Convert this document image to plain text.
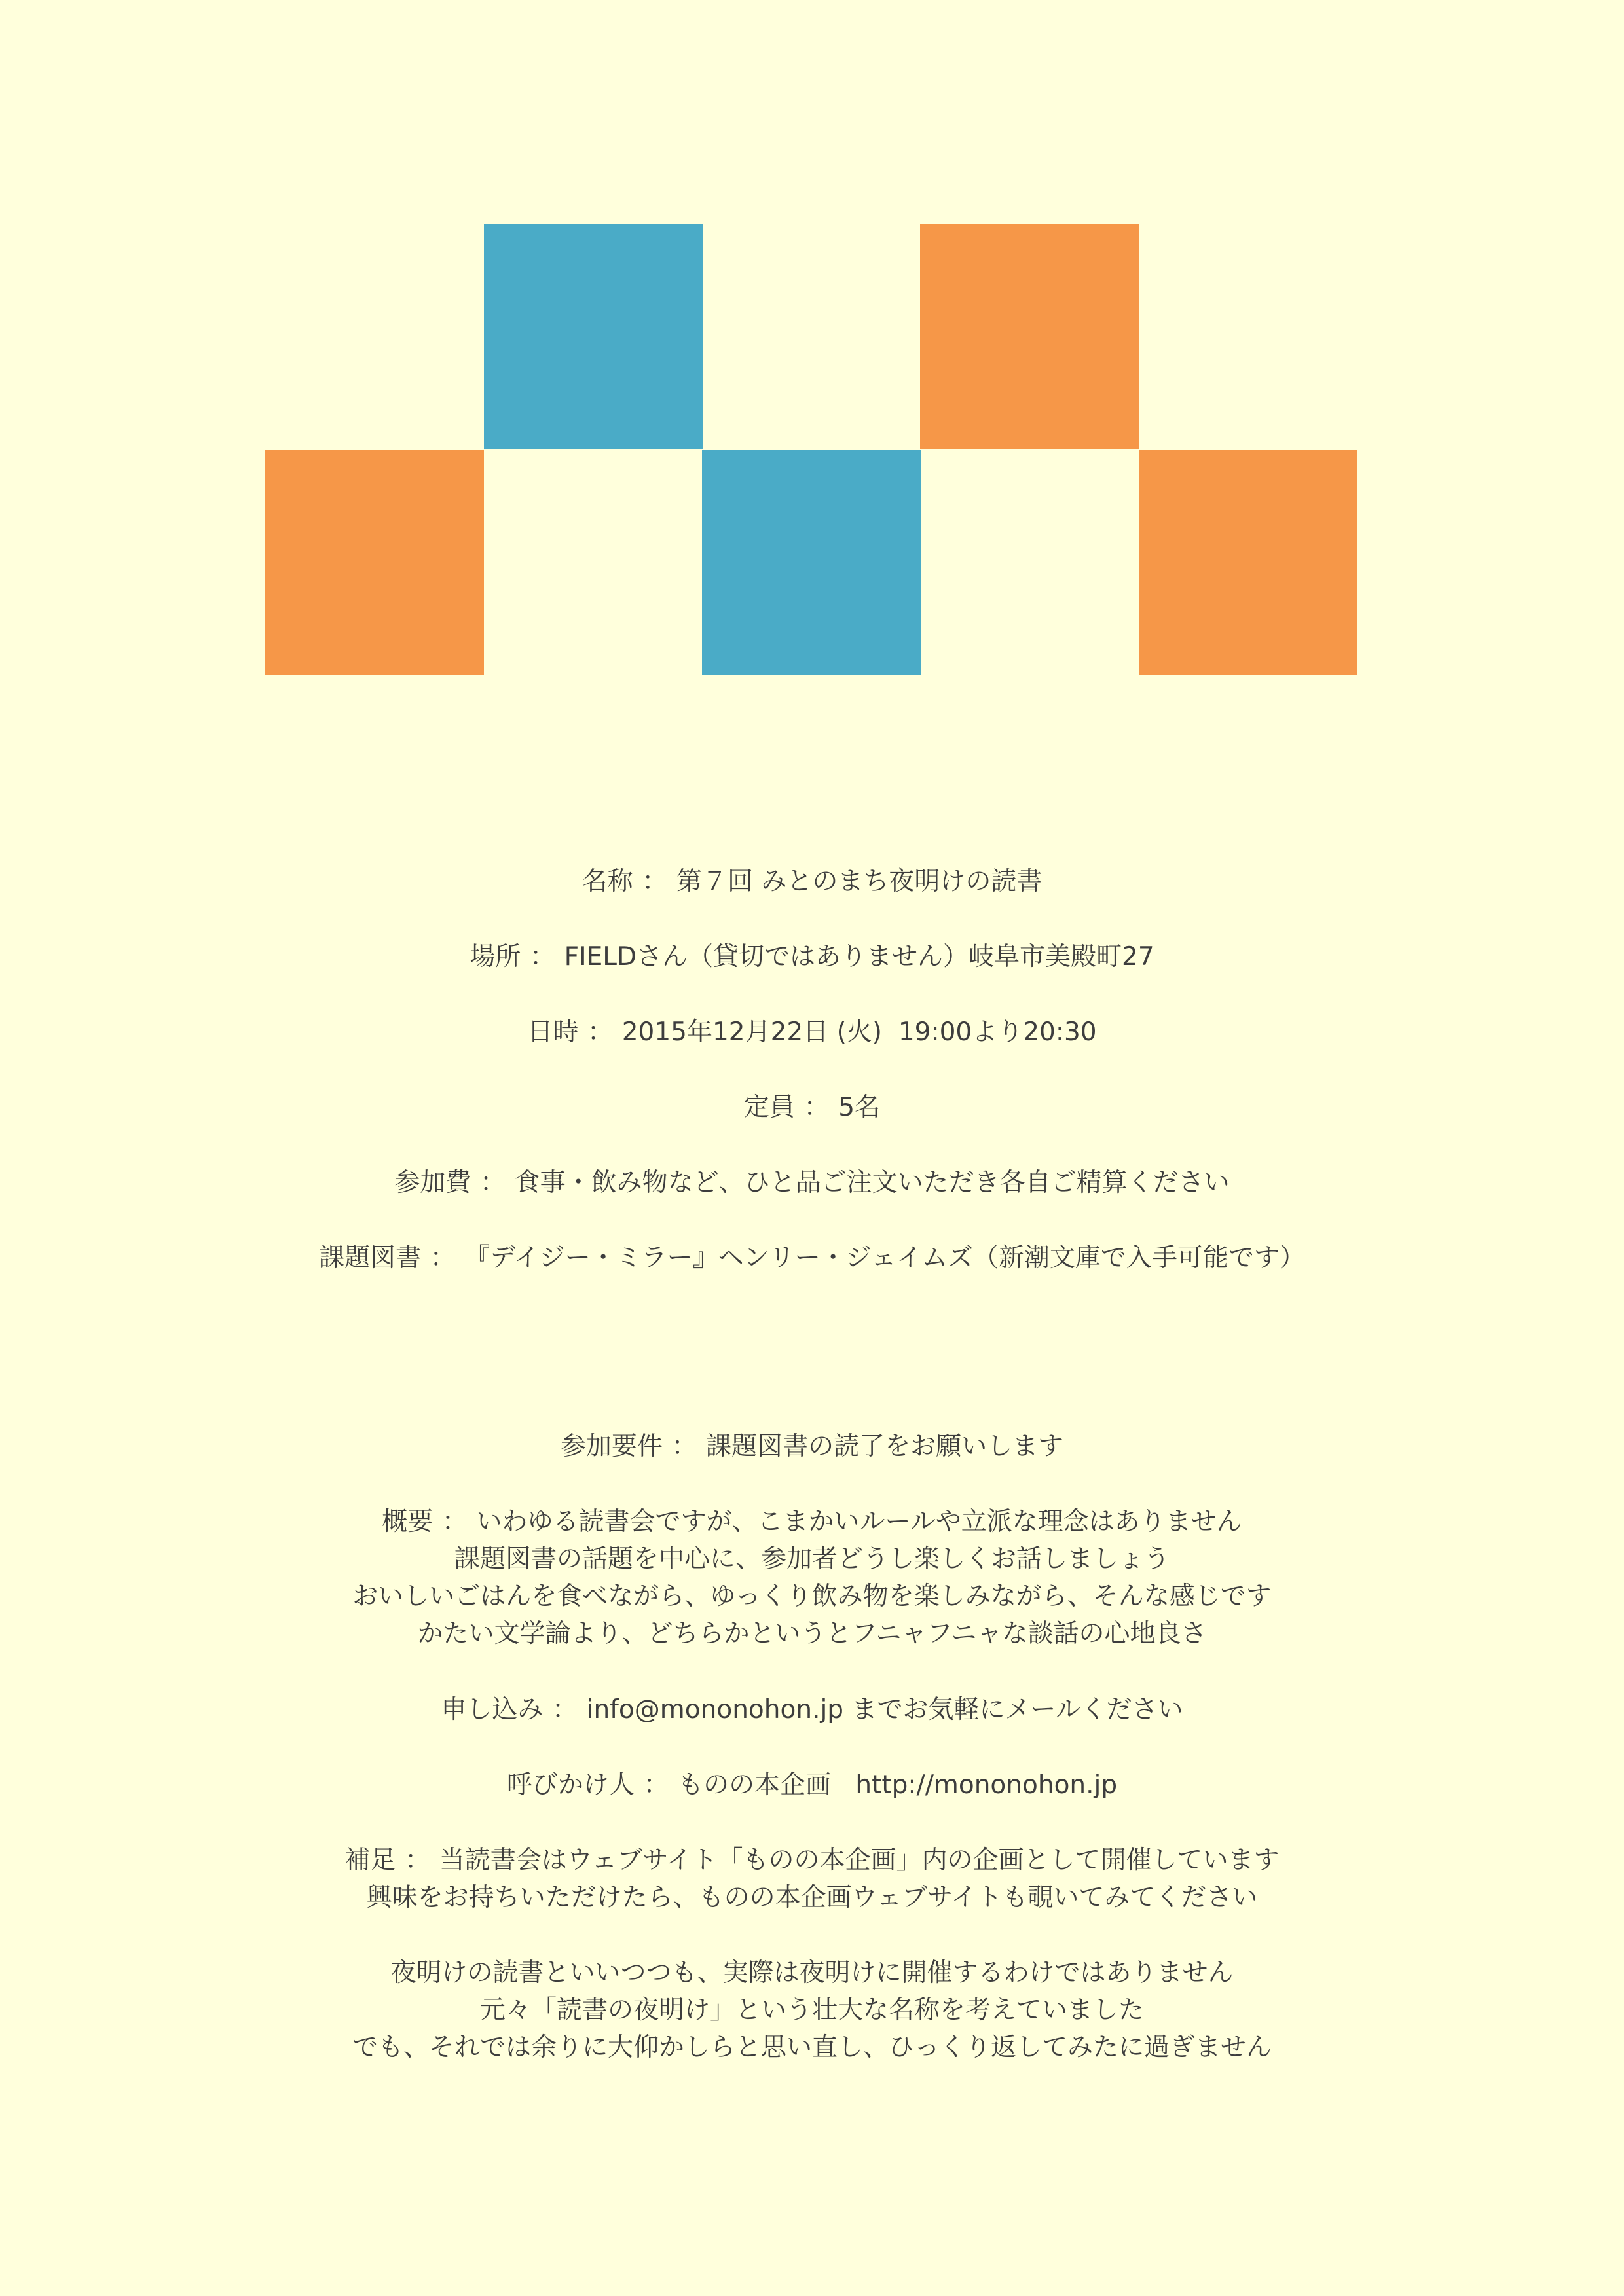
名称 ： 第７回 みとのまち夜明けの読書
場所 ： FIELDさん（貸切ではありません）岐阜市美殿町27
日時 ： 2015年12月22日 (火)  19:00より20:30
定員 ： 5名
参加費 ： 食事・飲み物など、ひと品ご注文いただき各自ご精算ください
課題図書 ： 『デイジー・ミラー』ヘンリー・ジェイムズ（新潮文庫で入手可能です）
参加要件 ： 課題図書の読了をお願いします
概要 ： いわゆる読書会ですが、こまかいルールや立派な理念はありません
課題図書の話題を中心に、参加者どうし楽しくお話しましょう
おいしいごはんを食べながら、ゆっくり飲み物を楽しみながら、そんな感じです
かたい文学論より、どちらかというとフニャフニャな談話の心地良さ
申し込み ： info@mononohon.jp までお気軽にメールください
呼びかけ人 ： ものの本企画   http://mononohon.jp
補足 ： 当読書会はウェブサイト「ものの本企画」内の企画として開催しています
興味をお持ちいただけたら、ものの本企画ウェブサイトも覗いてみてください
夜明けの読書といいつつも、実際は夜明けに開催するわけではありません
元々「読書の夜明け」という壮大な名称を考えていました
でも、それでは余りに大仰かしらと思い直し、ひっくり返してみたに過ぎません
